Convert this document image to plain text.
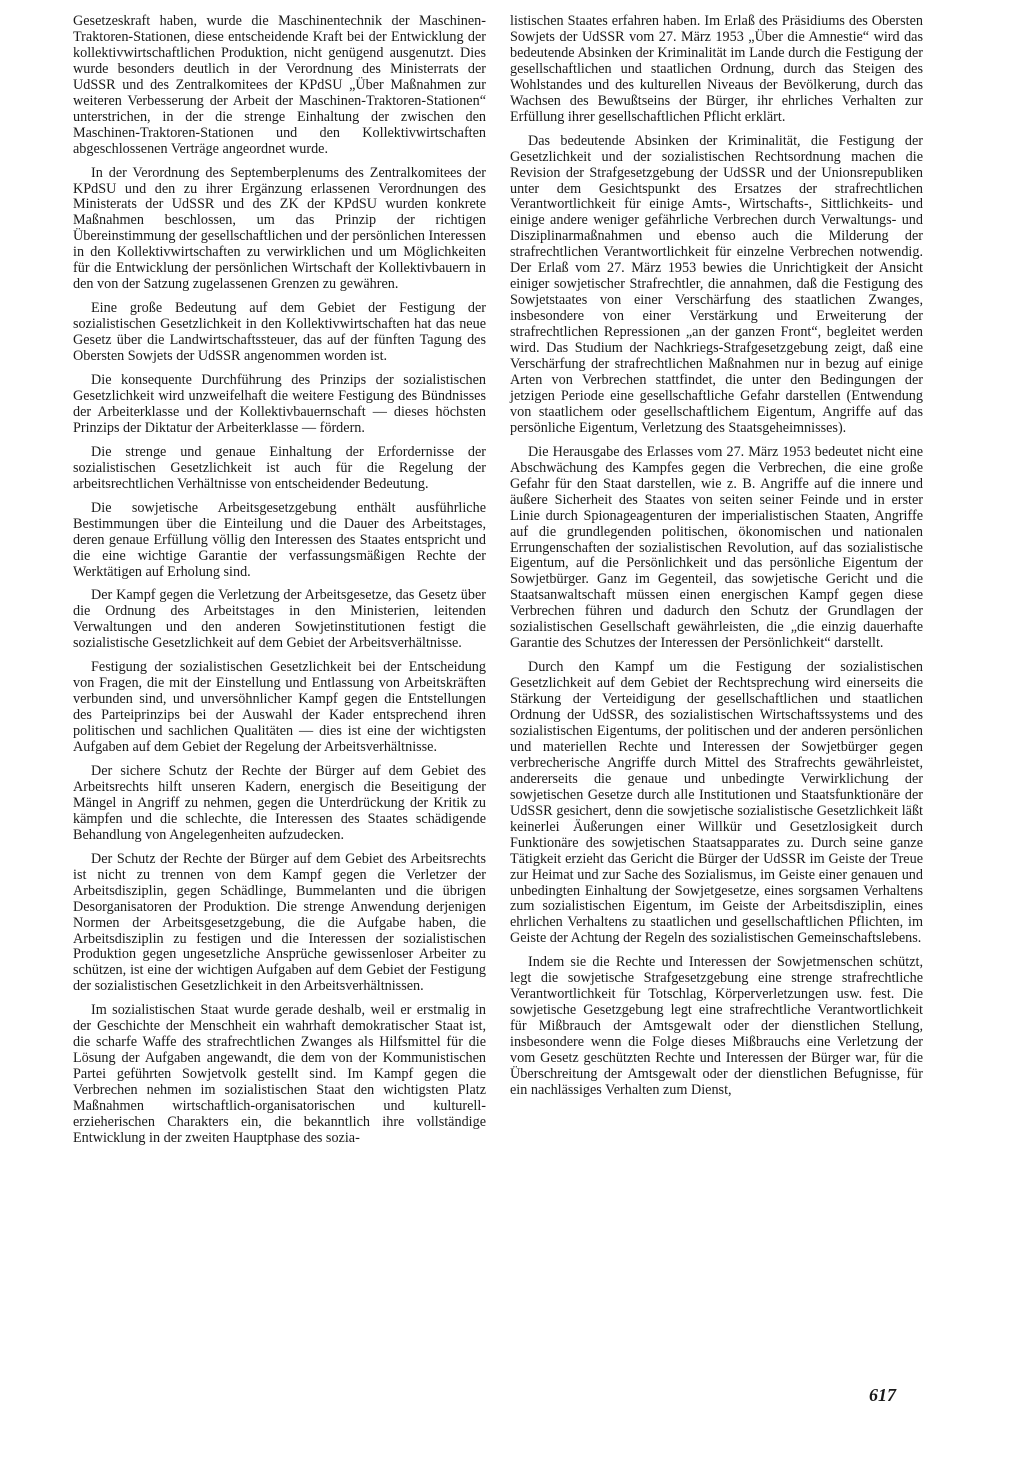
Gesetzeskraft haben, wurde die Maschinentechnik der Maschinen-Traktoren-Stationen, diese entscheidende Kraft bei der Entwicklung der kollektivwirtschaftlichen Produktion, nicht genügend ausgenutzt. Dies wurde besonders deutlich in der Verordnung des Ministerrats der UdSSR und des Zentralkomitees der KPdSU „Über Maßnahmen zur weiteren Verbesserung der Arbeit der Maschinen-Traktoren-Stationen“ unterstrichen, in der die strenge Einhaltung der zwischen den Maschinen-Traktoren-Stationen und den Kollektivwirtschaften abgeschlossenen Verträge angeordnet wurde.

In der Verordnung des Septemberplenums des Zentralkomitees der KPdSU und den zu ihrer Ergänzung erlassenen Verordnungen des Ministerats der UdSSR und des ZK der KPdSU wurden konkrete Maßnahmen beschlossen, um das Prinzip der richtigen Übereinstimmung der gesellschaftlichen und der persönlichen Interessen in den Kollektivwirtschaften zu verwirklichen und um Möglichkeiten für die Entwicklung der persönlichen Wirtschaft der Kollektivbauern in den von der Satzung zugelassenen Grenzen zu gewähren.

Eine große Bedeutung auf dem Gebiet der Festigung der sozialistischen Gesetzlichkeit in den Kollektivwirtschaften hat das neue Gesetz über die Landwirtschaftssteuer, das auf der fünften Tagung des Obersten Sowjets der UdSSR angenommen worden ist.

Die konsequente Durchführung des Prinzips der sozialistischen Gesetzlichkeit wird unzweifelhaft die weitere Festigung des Bündnisses der Arbeiterklasse und der Kollektivbauernschaft — dieses höchsten Prinzips der Diktatur der Arbeiterklasse — fördern.

Die strenge und genaue Einhaltung der Erfordernisse der sozialistischen Gesetzlichkeit ist auch für die Regelung der arbeitsrechtlichen Verhältnisse von entscheidender Bedeutung.

Die sowjetische Arbeitsgesetzgebung enthält ausführliche Bestimmungen über die Einteilung und die Dauer des Arbeitstages, deren genaue Erfüllung völlig den Interessen des Staates entspricht und die eine wichtige Garantie der verfassungsmäßigen Rechte der Werktätigen auf Erholung sind.

Der Kampf gegen die Verletzung der Arbeitsgesetze, das Gesetz über die Ordnung des Arbeitstages in den Ministerien, leitenden Verwaltungen und den anderen Sowjetinstitutionen festigt die sozialistische Gesetzlichkeit auf dem Gebiet der Arbeitsverhältnisse.

Festigung der sozialistischen Gesetzlichkeit bei der Entscheidung von Fragen, die mit der Einstellung und Entlassung von Arbeitskräften verbunden sind, und unversöhnlicher Kampf gegen die Entstellungen des Parteiprinzips bei der Auswahl der Kader entsprechend ihren politischen und sachlichen Qualitäten — dies ist eine der wichtigsten Aufgaben auf dem Gebiet der Regelung der Arbeitsverhältnisse.

Der sichere Schutz der Rechte der Bürger auf dem Gebiet des Arbeitsrechts hilft unseren Kadern, energisch die Beseitigung der Mängel in Angriff zu nehmen, gegen die Unterdrückung der Kritik zu kämpfen und die schlechte, die Interessen des Staates schädigende Behandlung von Angelegenheiten aufzudecken.

Der Schutz der Rechte der Bürger auf dem Gebiet des Arbeitsrechts ist nicht zu trennen von dem Kampf gegen die Verletzer der Arbeitsdisziplin, gegen Schädlinge, Bummelanten und die übrigen Desorganisatoren der Produktion. Die strenge Anwendung derjenigen Normen der Arbeitsgesetzgebung, die die Aufgabe haben, die Arbeitsdisziplin zu festigen und die Interessen der sozialistischen Produktion gegen ungesetzliche Ansprüche gewissenloser Arbeiter zu schützen, ist eine der wichtigen Aufgaben auf dem Gebiet der Festigung der sozialistischen Gesetzlichkeit in den Arbeitsverhältnissen.

Im sozialistischen Staat wurde gerade deshalb, weil er erstmalig in der Geschichte der Menschheit ein wahrhaft demokratischer Staat ist, die scharfe Waffe des strafrechtlichen Zwanges als Hilfsmittel für die Lösung der Aufgaben angewandt, die dem von der Kommunistischen Partei geführten Sowjetvolk gestellt sind. Im Kampf gegen die Verbrechen nehmen im sozialistischen Staat den wichtigsten Platz Maßnahmen wirtschaftlich-organisatorischen und kulturell-erzieherischen Charakters ein, die bekanntlich ihre vollständige Entwicklung in der zweiten Hauptphase des sozia-

listischen Staates erfahren haben. Im Erlaß des Präsidiums des Obersten Sowjets der UdSSR vom 27. März 1953 „Über die Amnestie“ wird das bedeutende Absinken der Kriminalität im Lande durch die Festigung der gesellschaftlichen und staatlichen Ordnung, durch das Steigen des Wohlstandes und des kulturellen Niveaus der Bevölkerung, durch das Wachsen des Bewußtseins der Bürger, ihr ehrliches Verhalten zur Erfüllung ihrer gesellschaftlichen Pflicht erklärt.

Das bedeutende Absinken der Kriminalität, die Festigung der Gesetzlichkeit und der sozialistischen Rechtsordnung machen die Revision der Strafgesetzgebung der UdSSR und der Unionsrepubliken unter dem Gesichtspunkt des Ersatzes der strafrechtlichen Verantwortlichkeit für einige Amts-, Wirtschafts-, Sittlichkeits- und einige andere weniger gefährliche Verbrechen durch Verwaltungs- und Disziplinarmaßnahmen und ebenso auch die Milderung der strafrechtlichen Verantwortlichkeit für einzelne Verbrechen notwendig. Der Erlaß vom 27. März 1953 bewies die Unrichtigkeit der Ansicht einiger sowjetischer Strafrechtler, die annahmen, daß die Festigung des Sowjetstaates von einer Verschärfung des staatlichen Zwanges, insbesondere von einer Verstärkung und Erweiterung der strafrechtlichen Repressionen „an der ganzen Front“, begleitet werden wird. Das Studium der Nachkriegs-Strafgesetzgebung zeigt, daß eine Verschärfung der strafrechtlichen Maßnahmen nur in bezug auf einige Arten von Verbrechen stattfindet, die unter den Bedingungen der jetzigen Periode eine gesellschaftliche Gefahr darstellen (Entwendung von staatlichem oder gesellschaftlichem Eigentum, Angriffe auf das persönliche Eigentum, Verletzung des Staatsgeheimnisses).

Die Herausgabe des Erlasses vom 27. März 1953 bedeutet nicht eine Abschwächung des Kampfes gegen die Verbrechen, die eine große Gefahr für den Staat darstellen, wie z. B. Angriffe auf die innere und äußere Sicherheit des Staates von seiten seiner Feinde und in erster Linie durch Spionageagenturen der imperialistischen Staaten, Angriffe auf die grundlegenden politischen, ökonomischen und nationalen Errungenschaften der sozialistischen Revolution, auf das sozialistische Eigentum, auf die Persönlichkeit und das persönliche Eigentum der Sowjetbürger. Ganz im Gegenteil, das sowjetische Gericht und die Staatsanwaltschaft müssen einen energischen Kampf gegen diese Verbrechen führen und dadurch den Schutz der Grundlagen der sozialistischen Gesellschaft gewährleisten, die „die einzig dauerhafte Garantie des Schutzes der Interessen der Persönlichkeit“ darstellt.

Durch den Kampf um die Festigung der sozialistischen Gesetzlichkeit auf dem Gebiet der Rechtsprechung wird einerseits die Stärkung der Verteidigung der gesellschaftlichen und staatlichen Ordnung der UdSSR, des sozialistischen Wirtschaftssystems und des sozialistischen Eigentums, der politischen und der anderen persönlichen und materiellen Rechte und Interessen der Sowjetbürger gegen verbrecherische Angriffe durch Mittel des Strafrechts gewährleistet, andererseits die genaue und unbedingte Verwirklichung der sowjetischen Gesetze durch alle Institutionen und Staatsfunktionäre der UdSSR gesichert, denn die sowjetische sozialistische Gesetzlichkeit läßt keinerlei Äußerungen einer Willkür und Gesetzlosigkeit durch Funktionäre des sowjetischen Staatsapparates zu. Durch seine ganze Tätigkeit erzieht das Gericht die Bürger der UdSSR im Geiste der Treue zur Heimat und zur Sache des Sozialismus, im Geiste einer genauen und unbedingten Einhaltung der Sowjetgesetze, eines sorgsamen Verhaltens zum sozialistischen Eigentum, im Geiste der Arbeitsdisziplin, eines ehrlichen Verhaltens zu staatlichen und gesellschaftlichen Pflichten, im Geiste der Achtung der Regeln des sozialistischen Gemeinschaftslebens.

Indem sie die Rechte und Interessen der Sowjetmenschen schützt, legt die sowjetische Strafgesetzgebung eine strenge strafrechtliche Verantwortlichkeit für Totschlag, Körperverletzungen usw. fest. Die sowjetische Gesetzgebung legt eine strafrechtliche Verantwortlichkeit für Mißbrauch der Amtsgewalt oder der dienstlichen Stellung, insbesondere wenn die Folge dieses Mißbrauchs eine Verletzung der vom Gesetz geschützten Rechte und Interessen der Bürger war, für die Überschreitung der Amtsgewalt oder der dienstlichen Befugnisse, für ein nachlässiges Verhalten zum Dienst,

617
